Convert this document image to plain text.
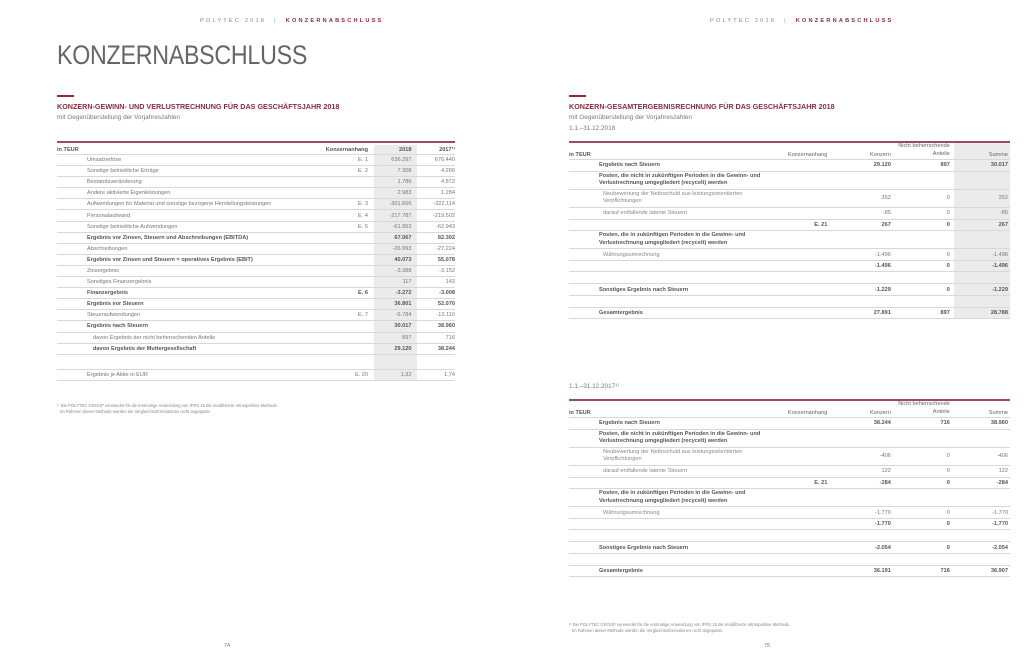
POLYTEC 2018 | KONZERNABSCHLUSS
KONZERNABSCHLUSS
KONZERN-GEWINN- UND VERLUSTRECHNUNG FÜR DAS GESCHÄFTSJAHR 2018
mit Gegenüberstellung der Vorjahreszahlen
in TEUR	Konzernanhang	2018	2017¹⁾
Umsatzerlöse	E. 1	636.397	676.440
Sonstige betriebliche Erträge	E. 2	7.308	4.266
Bestandsveränderung		1.786	4.872
Andere aktivierte Eigenleistungen		2.983	1.284
Aufwendungen für Material und sonstige bezogene Herstellungsleistungen	E. 3	-301.666	-322.114
Personalaufwand	E. 4	-217.787	-219.502
Sonstige betriebliche Aufwendungen	E. 5	-61.953	-62.943
Ergebnis vor Zinsen, Steuern und Abschreibungen (EBITDA)		67.067	82.302
Abschreibungen		-26.993	-27.224
Ergebnis vor Zinsen und Steuern = operatives Ergebnis (EBIT)		40.073	55.078
Zinsergebnis		-3.388	-3.152
Sonstiges Finanzergebnis		117	143
Finanzergebnis	E. 6	-3.272	-3.008
Ergebnis vor Steuern		36.801	52.070
Steueraufwendungen	E. 7	-6.784	-13.110
Ergebnis nach Steuern		30.017	38.960
davon Ergebnis der nicht beherrschenden Anteile		897	716
davon Ergebnis der Muttergesellschaft		29.120	38.244

Ergebnis je Aktie in EUR	E. 20	1,32	1,74
¹⁾ Die POLYTEC GROUP verwendet für die erstmalige Anwendung von IFRS 15 die modifizierte retrospektive Methode.
Im Rahmen dieser Methode werden die Vergleichsinformationen nicht angepasst.
74
POLYTEC 2018 | KONZERNABSCHLUSS
KONZERN-GESAMTERGEBNISRECHNUNG FÜR DAS GESCHÄFTSJAHR 2018
mit Gegenüberstellung der Vorjahreszahlen
1.1.–31.12.2018
in TEUR	Konzernanhang	Konzern	Nicht beherrschende Anteile	Summe
Ergebnis nach Steuern		29.120	897	30.017
Posten, die nicht in zukünftigen Perioden in die Gewinn- und Verlustrechnung umgegliedert (recycelt) werden				
Neubewertung der Nettoschuld aus leistungsorientierten Verpflichtungen		352	0	352
darauf entfallende latente Steuern		-85	0	-85
	E. 21	267	0	267
Posten, die in zukünftigen Perioden in die Gewinn- und Verlustrechnung umgegliedert (recycelt) werden				
Währungsumrechnung		-1.496	0	-1.496
		-1.496	0	-1.496

Sonstiges Ergebnis nach Steuern		-1.229	0	-1.229

Gesamtergebnis		27.891	897	28.788
1.1.–31.12.2017¹⁾
in TEUR	Konzernanhang	Konzern	Nicht beherrschende Anteile	Summe
Ergebnis nach Steuern		38.244	716	38.960
Posten, die nicht in zukünftigen Perioden in die Gewinn- und Verlustrechnung umgegliedert (recycelt) werden				
Neubewertung der Nettoschuld aus leistungsorientierten Verpflichtungen		-406	0	-406
darauf entfallende latente Steuern		122	0	122
	E. 21	-284	0	-284
Posten, die in zukünftigen Perioden in die Gewinn- und Verlustrechnung umgegliedert (recycelt) werden				
Währungsumrechnung		-1.770	0	-1.770
		-1.770	0	-1.770

Sonstiges Ergebnis nach Steuern		-2.054	0	-2.054

Gesamtergebnis		36.191	716	36.907
¹⁾ Die POLYTEC GROUP verwendet für die erstmalige Anwendung von IFRS 15 die modifizierte retrospektive Methode.
Im Rahmen dieser Methode werden die Vergleichsinformationen nicht angepasst.
75
